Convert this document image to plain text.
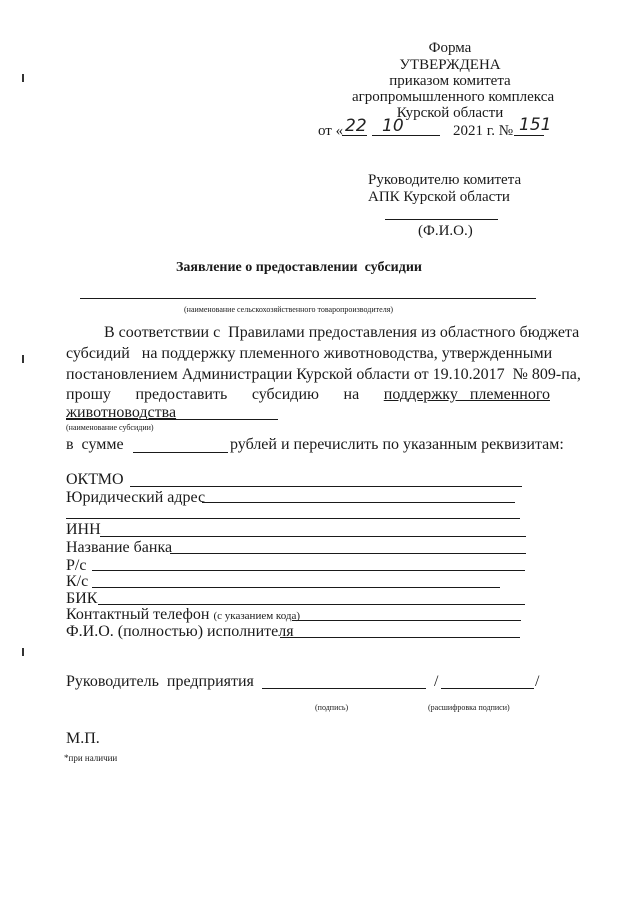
Форма
УТВЕРЖДЕНА
приказом комитета
агропромышленного комплекса
Курской области
от « 22 10	2021 г. № 151
Руководителю комитета
АПК Курской области
(Ф.И.О.)
Заявление о предоставлении  субсидии
(наименование сельскохозяйственного товаропроизводителя)
В соответствии с  Правилами предоставления из областного бюджета
субсидий   на поддержку племенного животноводства, утвержденными
постановлением Администрации Курской области от 19.10.2017  № 809-па,
прошу предоставить субсидию на поддержку   племенного
животноводства
(наименование субсидии)
в  сумме	рублей и перечислить по указанным реквизитам:
ОКТМО
Юридический адрес
ИНН
Название банка
Р/с
К/с
БИК
Контактный телефон (с указанием кода)
Ф.И.О. (полностью) исполнителя
Руководитель  предприятия	/	/
(подпись)	(расшифровка подписи)
М.П.
*при наличии
